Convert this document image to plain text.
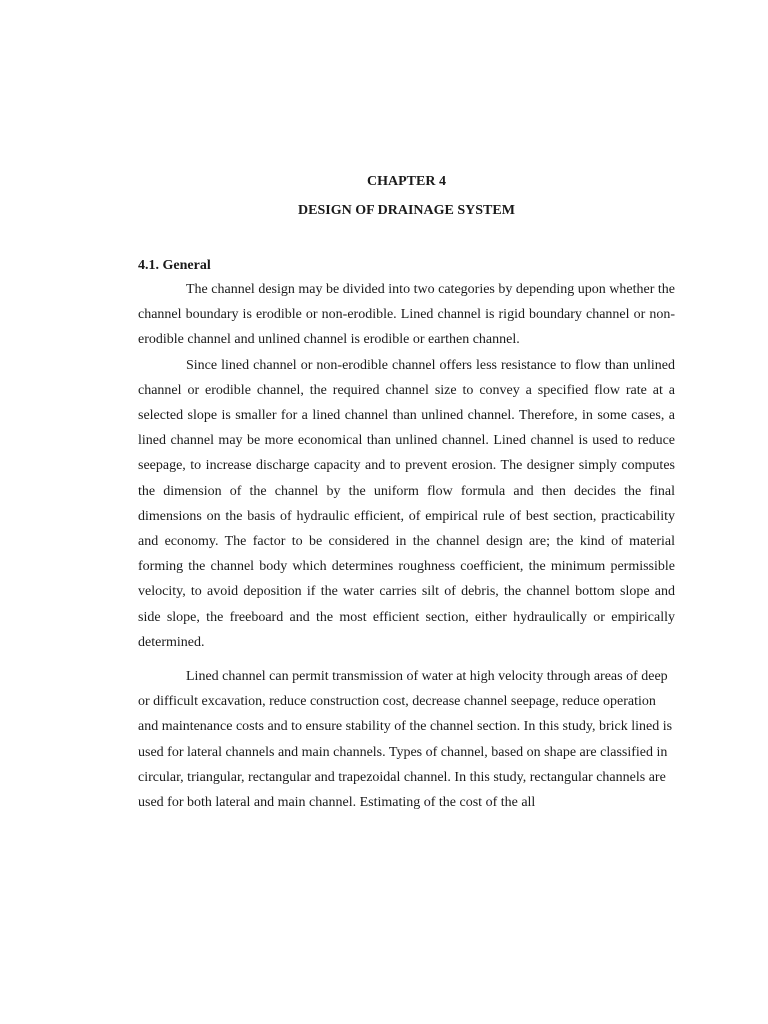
CHAPTER 4

DESIGN OF DRAINAGE SYSTEM

4.1. General

The channel design may be divided into two categories by depending upon whether the channel boundary is erodible or non-erodible. Lined channel is rigid boundary channel or non-erodible channel and unlined channel is erodible or earthen channel.

Since lined channel or non-erodible channel offers less resistance to flow than unlined channel or erodible channel, the required channel size to convey a specified flow rate at a selected slope is smaller for a lined channel than unlined channel. Therefore, in some cases, a lined channel may be more economical than unlined channel. Lined channel is used to reduce seepage, to increase discharge capacity and to prevent erosion. The designer simply computes the dimension of the channel by the uniform flow formula and then decides the final dimensions on the basis of hydraulic efficient, of empirical rule of best section, practicability and economy. The factor to be considered in the channel design are; the kind of material forming the channel body which determines roughness coefficient, the minimum permissible velocity, to avoid deposition if the water carries silt of debris, the channel bottom slope and side slope, the freeboard and the most efficient section, either hydraulically or empirically determined.

Lined channel can permit transmission of water at high velocity through areas of deep or difficult excavation, reduce construction cost, decrease channel seepage, reduce operation and maintenance costs and to ensure stability of the channel section. In this study, brick lined is used for lateral channels and main channels. Types of channel, based on shape are classified in circular, triangular, rectangular and trapezoidal channel. In this study, rectangular channels are used for both lateral and main channel. Estimating of the cost of the all
